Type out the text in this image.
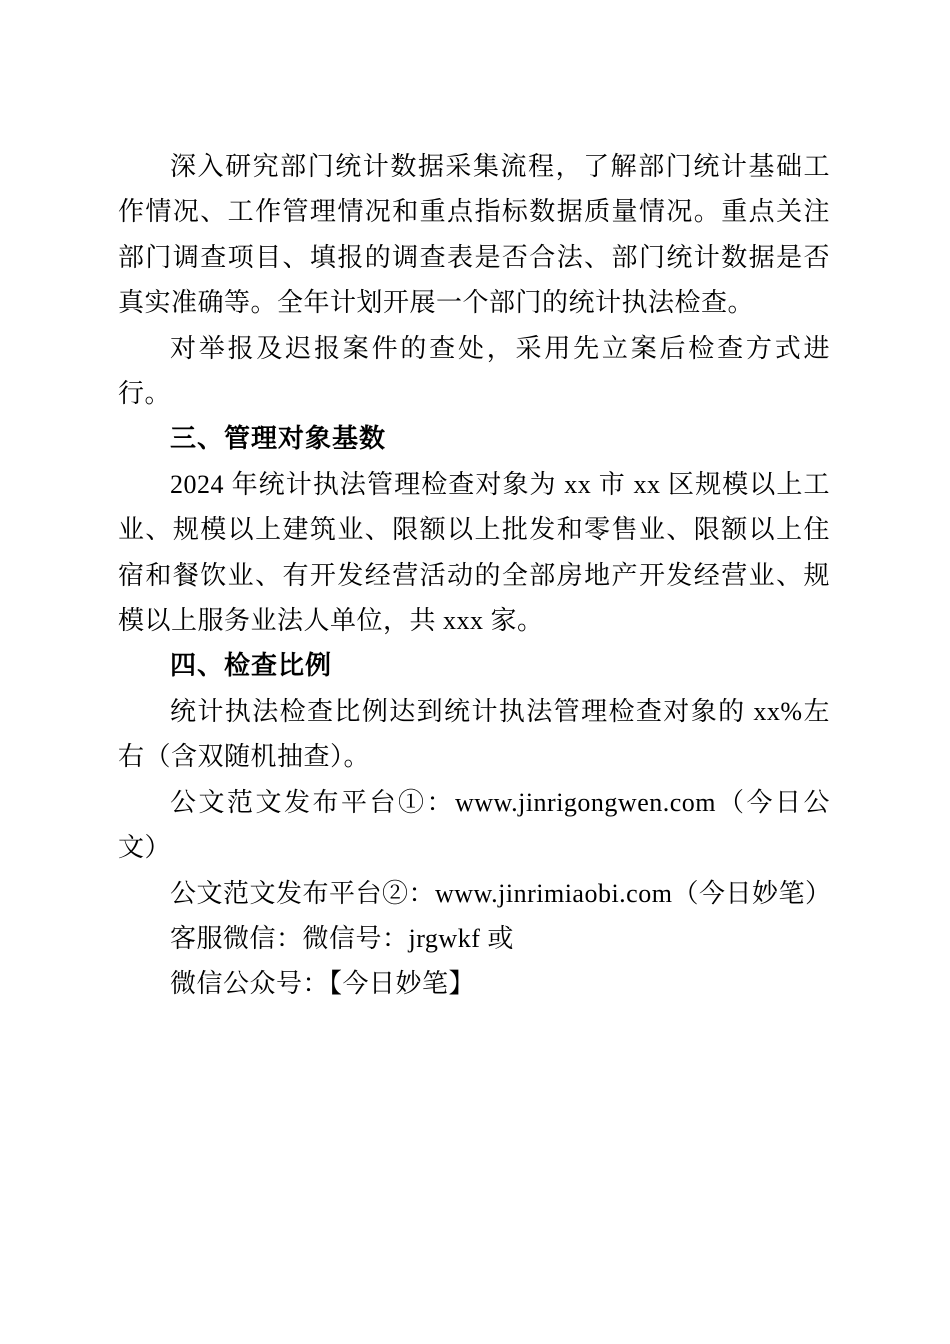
深入研究部门统计数据采集流程，了解部门统计基础工作情况、工作管理情况和重点指标数据质量情况。重点关注部门调查项目、填报的调查表是否合法、部门统计数据是否真实准确等。全年计划开展一个部门的统计执法检查。

对举报及迟报案件的查处，采用先立案后检查方式进行。

三、管理对象基数

2024 年统计执法管理检查对象为 xx 市 xx 区规模以上工业、规模以上建筑业、限额以上批发和零售业、限额以上住宿和餐饮业、有开发经营活动的全部房地产开发经营业、规模以上服务业法人单位，共 xxx 家。

四、检查比例

统计执法检查比例达到统计执法管理检查对象的 xx%左右（含双随机抽查）。

公文范文发布平台①：www.jinrigongwen.com（今日公文）

公文范文发布平台②：www.jinrimiaobi.com（今日妙笔）

客服微信：微信号：jrgwkf 或

微信公众号：【今日妙笔】
